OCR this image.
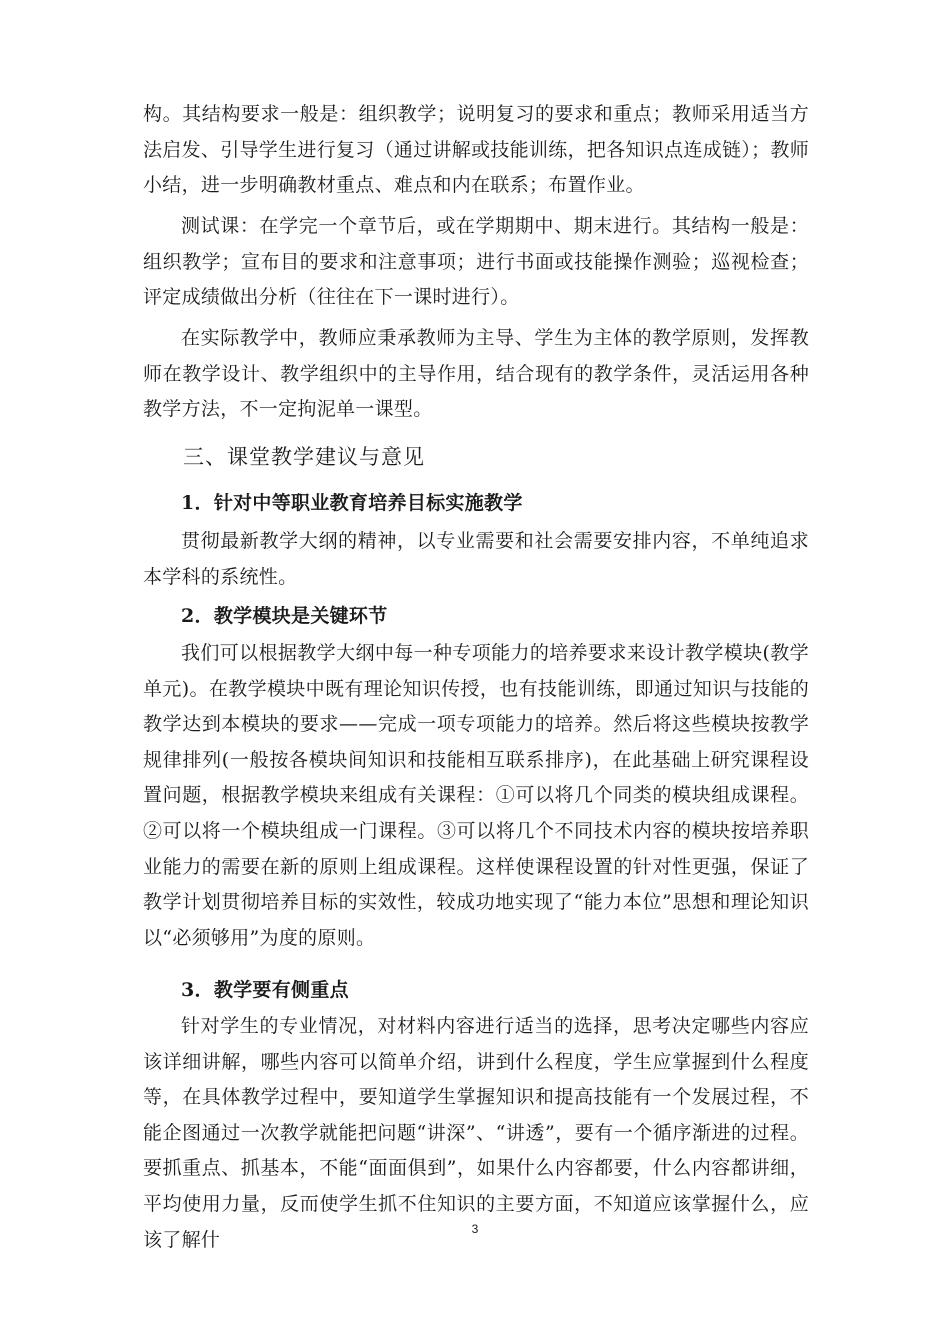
构。其结构要求一般是：组织教学；说明复习的要求和重点；教师采用适当方法启发、引导学生进行复习（通过讲解或技能训练，把各知识点连成链）；教师小结，进一步明确教材重点、难点和内在联系；布置作业。

测试课：在学完一个章节后，或在学期期中、期末进行。其结构一般是：组织教学；宣布目的要求和注意事项；进行书面或技能操作测验；巡视检查；评定成绩做出分析（往往在下一课时进行）。

在实际教学中，教师应秉承教师为主导、学生为主体的教学原则，发挥教师在教学设计、教学组织中的主导作用，结合现有的教学条件，灵活运用各种教学方法，不一定拘泥单一课型。

三、课堂教学建议与意见
1．针对中等职业教育培养目标实施教学

贯彻最新教学大纲的精神，以专业需要和社会需要安排内容，不单纯追求本学科的系统性。

2．教学模块是关键环节

我们可以根据教学大纲中每一种专项能力的培养要求来设计教学模块(教学单元)。在教学模块中既有理论知识传授，也有技能训练，即通过知识与技能的教学达到本模块的要求——完成一项专项能力的培养。然后将这些模块按教学规律排列(一般按各模块间知识和技能相互联系排序)，在此基础上研究课程设置问题，根据教学模块来组成有关课程：①可以将几个同类的模块组成课程。②可以将一个模块组成一门课程。③可以将几个不同技术内容的模块按培养职业能力的需要在新的原则上组成课程。这样使课程设置的针对性更强，保证了教学计划贯彻培养目标的实效性，较成功地实现了“能力本位”思想和理论知识以“必须够用”为度的原则。

3．教学要有侧重点

针对学生的专业情况，对材料内容进行适当的选择，思考决定哪些内容应该详细讲解，哪些内容可以简单介绍，讲到什么程度，学生应掌握到什么程度等，在具体教学过程中，要知道学生掌握知识和提高技能有一个发展过程，不能企图通过一次教学就能把问题“讲深”、“讲透”，要有一个循序渐进的过程。要抓重点、抓基本，不能“面面俱到”，如果什么内容都要，什么内容都讲细，平均使用力量，反而使学生抓不住知识的主要方面，不知道应该掌握什么，应该了解什	3
